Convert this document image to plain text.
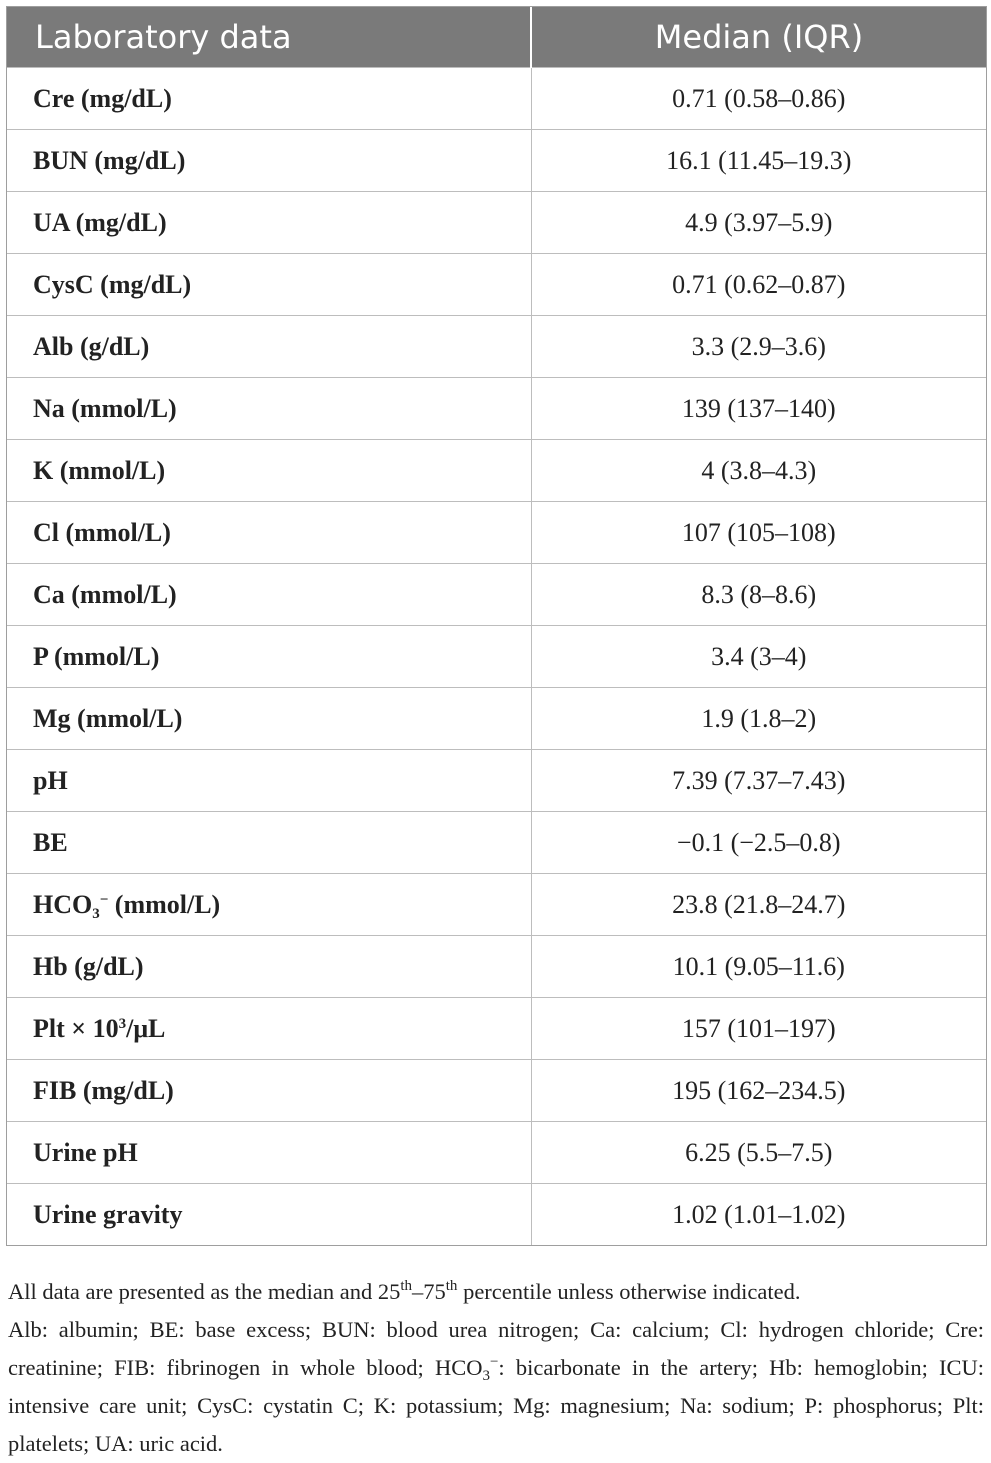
Laboratory data	Median (IQR)
Cre (mg/dL)	0.71 (0.58–0.86)
BUN (mg/dL)	16.1 (11.45–19.3)
UA (mg/dL)	4.9 (3.97–5.9)
CysC (mg/dL)	0.71 (0.62–0.87)
Alb (g/dL)	3.3 (2.9–3.6)
Na (mmol/L)	139 (137–140)
K (mmol/L)	4 (3.8–4.3)
Cl (mmol/L)	107 (105–108)
Ca (mmol/L)	8.3 (8–8.6)
P (mmol/L)	3.4 (3–4)
Mg (mmol/L)	1.9 (1.8–2)
pH	7.39 (7.37–7.43)
BE	−0.1 (−2.5–0.8)
$HCO_3^-$ (mmol/L)	23.8 (21.8–24.7)
Hb (g/dL)	10.1 (9.05–11.6)
Plt × $10^3/\mu L$	157 (101–197)
FIB (mg/dL)	195 (162–234.5)
Urine pH	6.25 (5.5–7.5)
Urine gravity	1.02 (1.01–1.02)
All data are presented as the median and 25th–75th percentile unless otherwise indicated.
Alb: albumin; BE: base excess; BUN: blood urea nitrogen; Ca: calcium; Cl: hydrogen chloride; Cre: creatinine; FIB: fibrinogen in whole blood; $HCO_3^-$: bicarbonate in the artery; Hb: hemoglobin; ICU: intensive care unit; CysC: cystatin C; K: potassium; Mg: magnesium; Na: sodium; P: phosphorus; Plt: platelets; UA: uric acid.
